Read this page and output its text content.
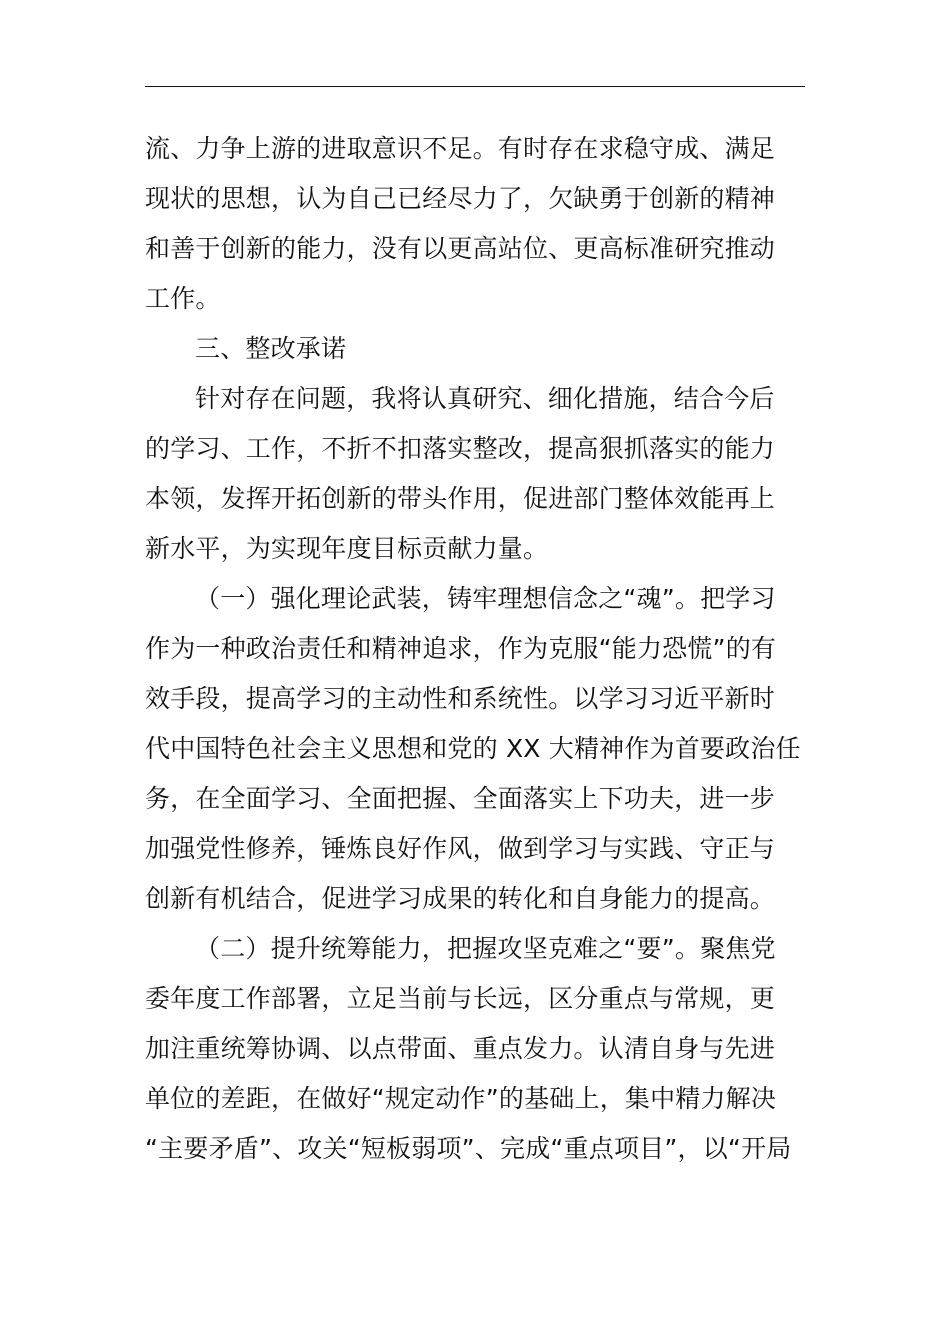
流、力争上游的进取意识不足。有时存在求稳守成、满足
现状的思想，认为自己已经尽力了，欠缺勇于创新的精神
和善于创新的能力，没有以更高站位、更高标准研究推动
工作。
三、整改承诺
针对存在问题，我将认真研究、细化措施，结合今后
的学习、工作，不折不扣落实整改，提高狠抓落实的能力
本领，发挥开拓创新的带头作用，促进部门整体效能再上
新水平，为实现年度目标贡献力量。
（一）强化理论武装，铸牢理想信念之“魂”。把学习
作为一种政治责任和精神追求，作为克服“能力恐慌”的有
效手段，提高学习的主动性和系统性。以学习习近平新时
代中国特色社会主义思想和党的 XX 大精神作为首要政治任
务，在全面学习、全面把握、全面落实上下功夫，进一步
加强党性修养，锤炼良好作风，做到学习与实践、守正与
创新有机结合，促进学习成果的转化和自身能力的提高。
（二）提升统筹能力，把握攻坚克难之“要”。聚焦党
委年度工作部署，立足当前与长远，区分重点与常规，更
加注重统筹协调、以点带面、重点发力。认清自身与先进
单位的差距，在做好“规定动作”的基础上，集中精力解决
“主要矛盾”、攻关“短板弱项”、完成“重点项目”，以“开局
